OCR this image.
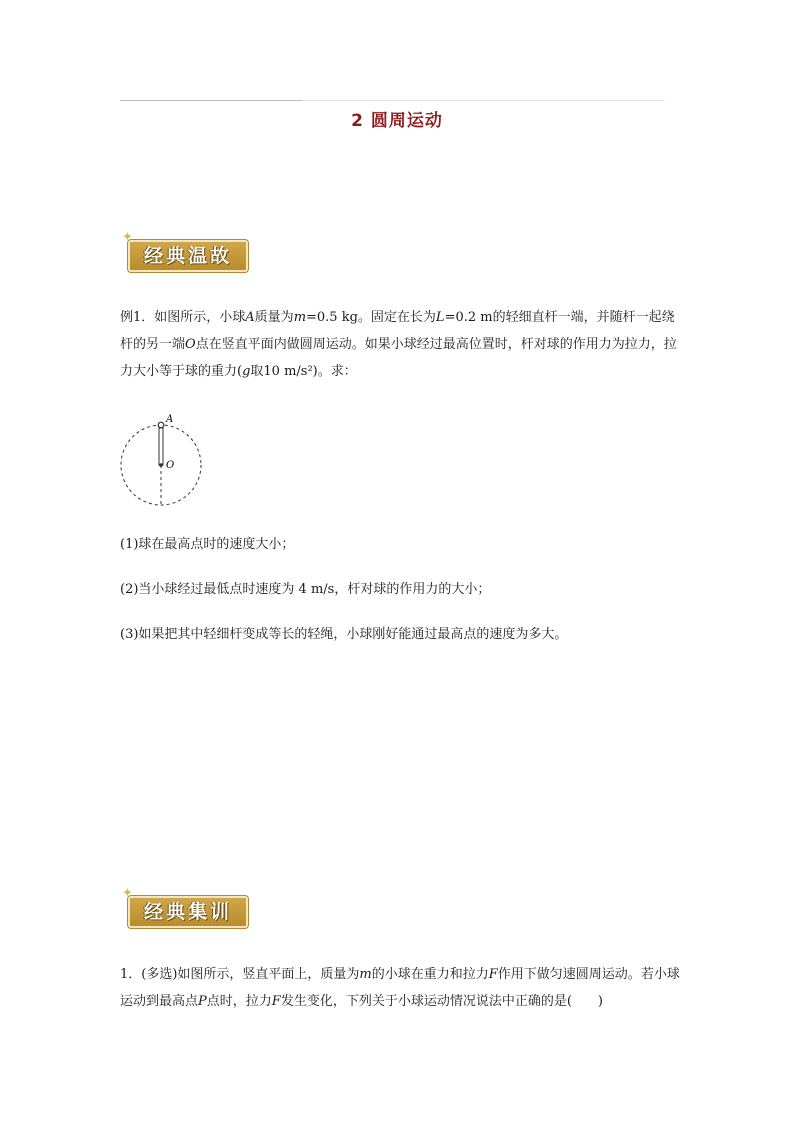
2 圆周运动
✦
经典温故
例1．如图所示，小球A质量为m=0.5 kg。固定在长为L=0.2 m的轻细直杆一端，并随杆一起绕杆的另一端O点在竖直平面内做圆周运动。如果小球经过最高位置时，杆对球的作用力为拉力，拉力大小等于球的重力(g取10 m/s²)。求：
A
O
(1)球在最高点时的速度大小；
(2)当小球经过最低点时速度为 4 m/s，杆对球的作用力的大小；
(3)如果把其中轻细杆变成等长的轻绳，小球刚好能通过最高点的速度为多大。
✦
经典集训
1．(多选)如图所示，竖直平面上，质量为m的小球在重力和拉力F作用下做匀速圆周运动。若小球运动到最高点P点时，拉力F发生变化，下列关于小球运动情况说法中正确的是(　　)
